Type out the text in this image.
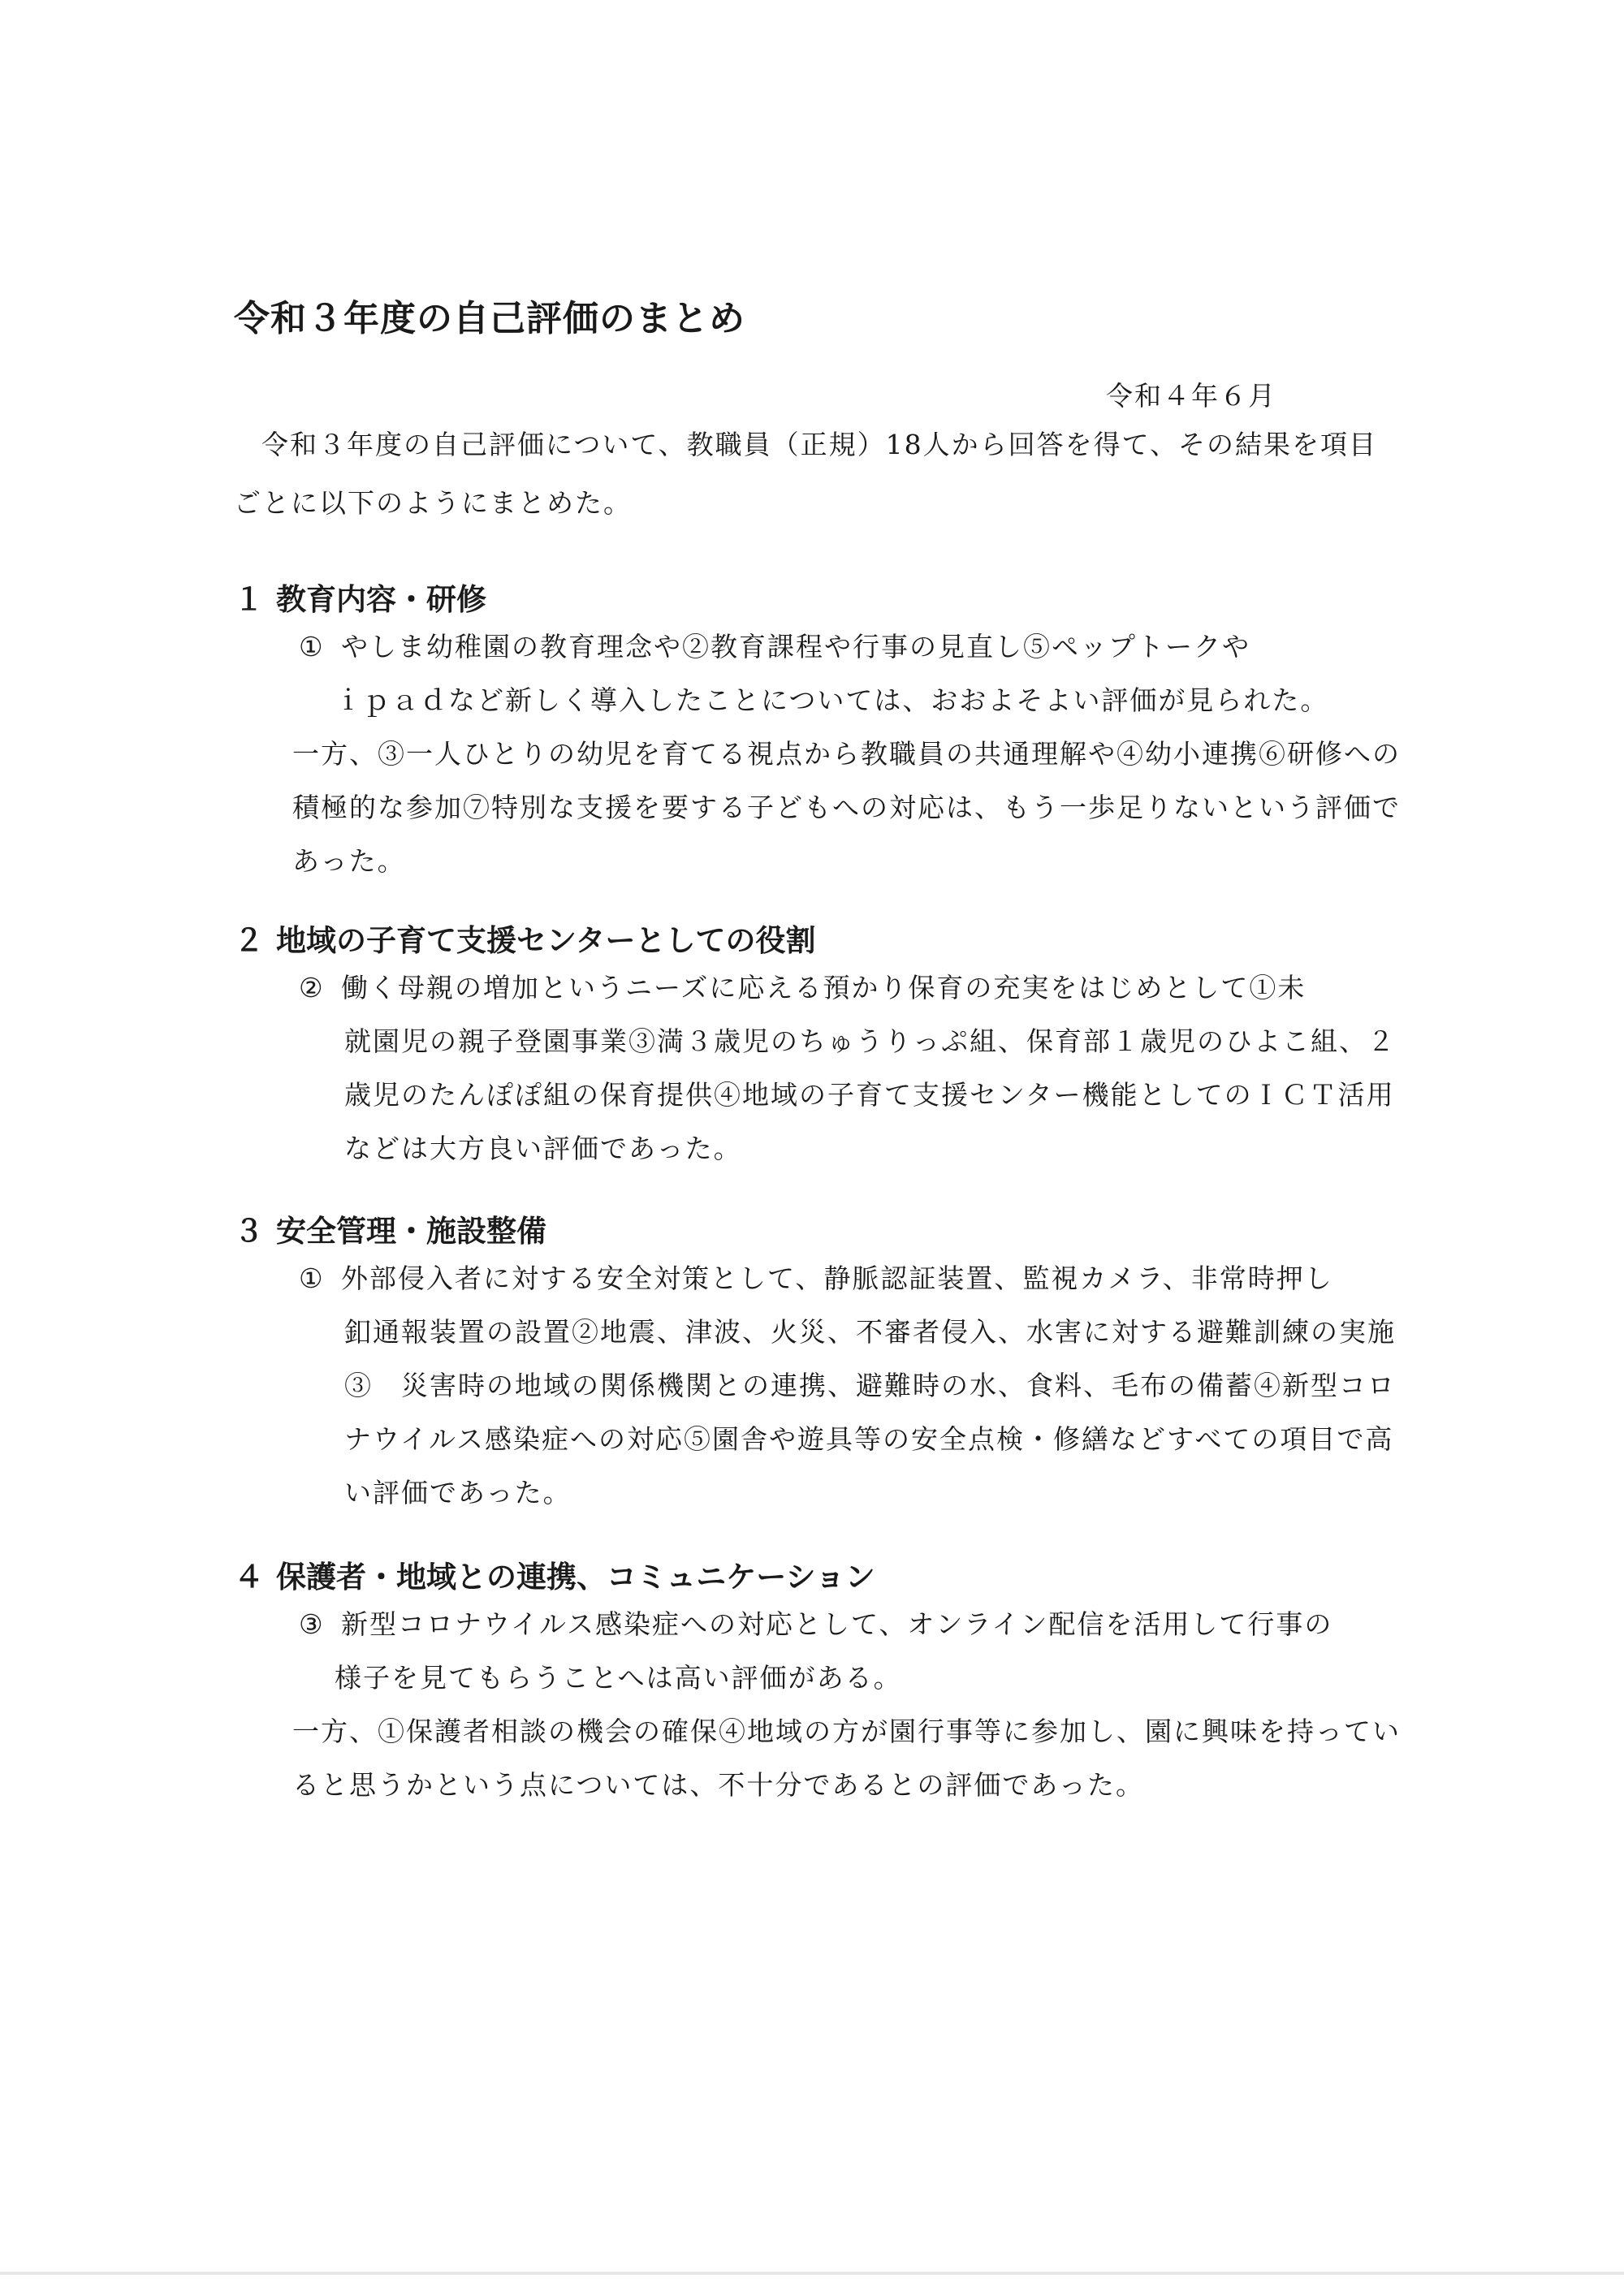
令和３年度の自己評価のまとめ
令和４年６月

令和３年度の自己評価について、教職員（正規）18人から回答を得て、その結果を項目ごとに以下のようにまとめた。

１ 教育内容・研修

① やしま幼稚園の教育理念や②教育課程や行事の見直し⑤ペップトークや

ｉｐａｄなど新しく導入したことについては、おおよそよい評価が見られた。

一方、③一人ひとりの幼児を育てる視点から教職員の共通理解や④幼小連携⑥研修への積極的な参加⑦特別な支援を要する子どもへの対応は、もう一歩足りないという評価であった。

２ 地域の子育て支援センターとしての役割

② 働く母親の増加というニーズに応える預かり保育の充実をはじめとして①未

就園児の親子登園事業③満３歳児のちゅうりっぷ組、保育部１歳児のひよこ組、２歳児のたんぽぽ組の保育提供④地域の子育て支援センター機能としてのＩＣＴ活用などは大方良い評価であった。

３ 安全管理・施設整備

① 外部侵入者に対する安全対策として、静脈認証装置、監視カメラ、非常時押し

釦通報装置の設置②地震、津波、火災、不審者侵入、水害に対する避難訓練の実施③　災害時の地域の関係機関との連携、避難時の水、食料、毛布の備蓄④新型コロナウイルス感染症への対応⑤園舎や遊具等の安全点検・修繕などすべての項目で高い評価であった。

４ 保護者・地域との連携、コミュニケーション

③ 新型コロナウイルス感染症への対応として、オンライン配信を活用して行事の

様子を見てもらうことへは高い評価がある。

一方、①保護者相談の機会の確保④地域の方が園行事等に参加し、園に興味を持っていると思うかという点については、不十分であるとの評価であった。
